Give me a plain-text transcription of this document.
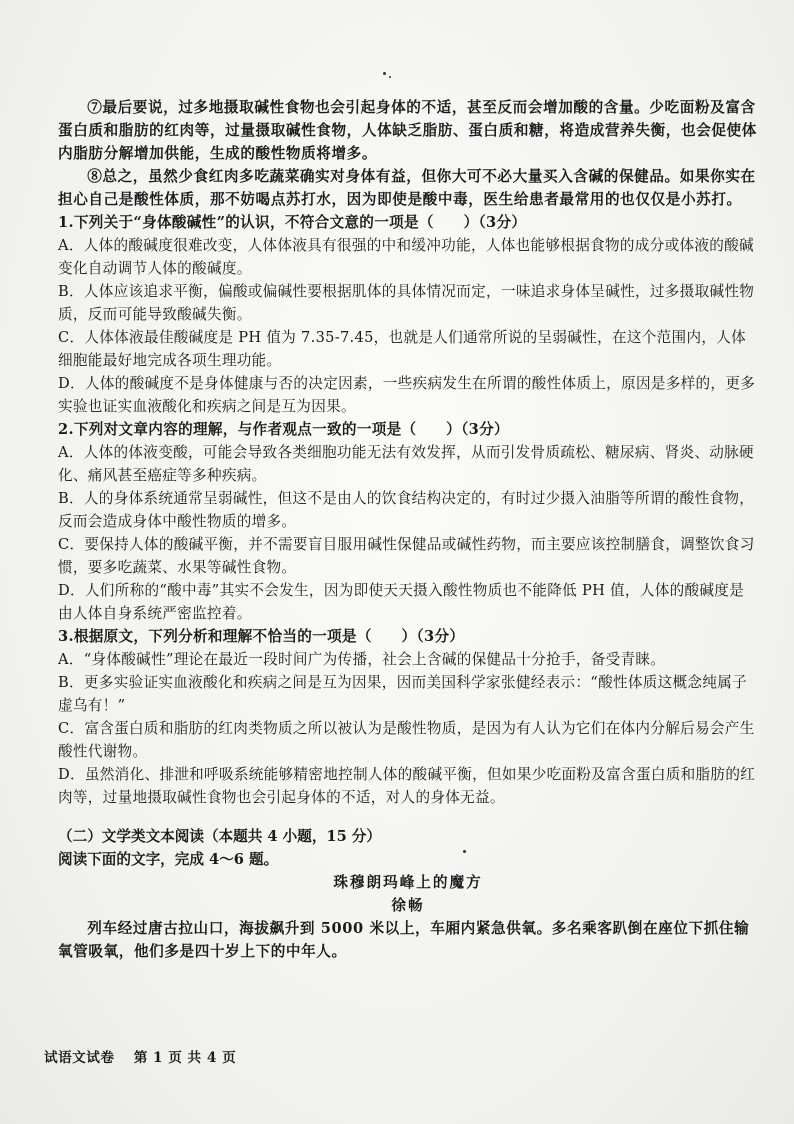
⑦最后要说，过多地摄取碱性食物也会引起身体的不适，甚至反而会增加酸的含量。少吃面粉及富含蛋白质和脂肪的红肉等，过量摄取碱性食物，人体缺乏脂肪、蛋白质和糖，将造成营养失衡，也会促使体内脂肪分解增加供能，生成的酸性物质将增多。

⑧总之，虽然少食红肉多吃蔬菜确实对身体有益，但你大可不必大量买入含碱的保健品。如果你实在担心自己是酸性体质，那不妨喝点苏打水，因为即使是酸中毒，医生给患者最常用的也仅仅是小苏打。

1.下列关于“身体酸碱性”的认识，不符合文意的一项是（　　）（3分）

A．人体的酸碱度很难改变，人体体液具有很强的中和缓冲功能，人体也能够根据食物的成分或体液的酸碱变化自动调节人体的酸碱度。

B．人体应该追求平衡，偏酸或偏碱性要根据肌体的具体情况而定，一味追求身体呈碱性，过多摄取碱性物质，反而可能导致酸碱失衡。

C．人体体液最佳酸碱度是 PH 值为 7.35-7.45，也就是人们通常所说的呈弱碱性，在这个范围内，人体细胞能最好地完成各项生理功能。

D．人体的酸碱度不是身体健康与否的决定因素，一些疾病发生在所谓的酸性体质上，原因是多样的，更多实验也证实血液酸化和疾病之间是互为因果。

2.下列对文章内容的理解，与作者观点一致的一项是（　　）（3分）

A．人体的体液变酸，可能会导致各类细胞功能无法有效发挥，从而引发骨质疏松、糖尿病、肾炎、动脉硬化、痛风甚至癌症等多种疾病。

B．人的身体系统通常呈弱碱性，但这不是由人的饮食结构决定的，有时过少摄入油脂等所谓的酸性食物，反而会造成身体中酸性物质的增多。

C．要保持人体的酸碱平衡，并不需要盲目服用碱性保健品或碱性药物，而主要应该控制膳食，调整饮食习惯，要多吃蔬菜、水果等碱性食物。

D．人们所称的“酸中毒”其实不会发生，因为即使天天摄入酸性物质也不能降低 PH 值，人体的酸碱度是由人体自身系统严密监控着。

3.根据原文，下列分析和理解不恰当的一项是（　　）（3分）

A．“身体酸碱性”理论在最近一段时间广为传播，社会上含碱的保健品十分抢手，备受青睐。

B．更多实验证实血液酸化和疾病之间是互为因果，因而美国科学家张健经表示：“酸性体质这概念纯属子虚乌有！”

C．富含蛋白质和脂肪的红肉类物质之所以被认为是酸性物质，是因为有人认为它们在体内分解后易会产生酸性代谢物。

D．虽然消化、排泄和呼吸系统能够精密地控制人体的酸碱平衡，但如果少吃面粉及富含蛋白质和脂肪的红肉等，过量地摄取碱性食物也会引起身体的不适，对人的身体无益。

（二）文学类文本阅读（本题共 4 小题，15 分）

阅读下面的文字，完成 4～6 题。

珠穆朗玛峰上的魔方

徐畅

列车经过唐古拉山口，海拔飙升到 5000 米以上，车厢内紧急供氧。多名乘客趴倒在座位下抓住输氧管吸氧，他们多是四十岁上下的中年人。

试语文试卷 第 1 页 共 4 页
